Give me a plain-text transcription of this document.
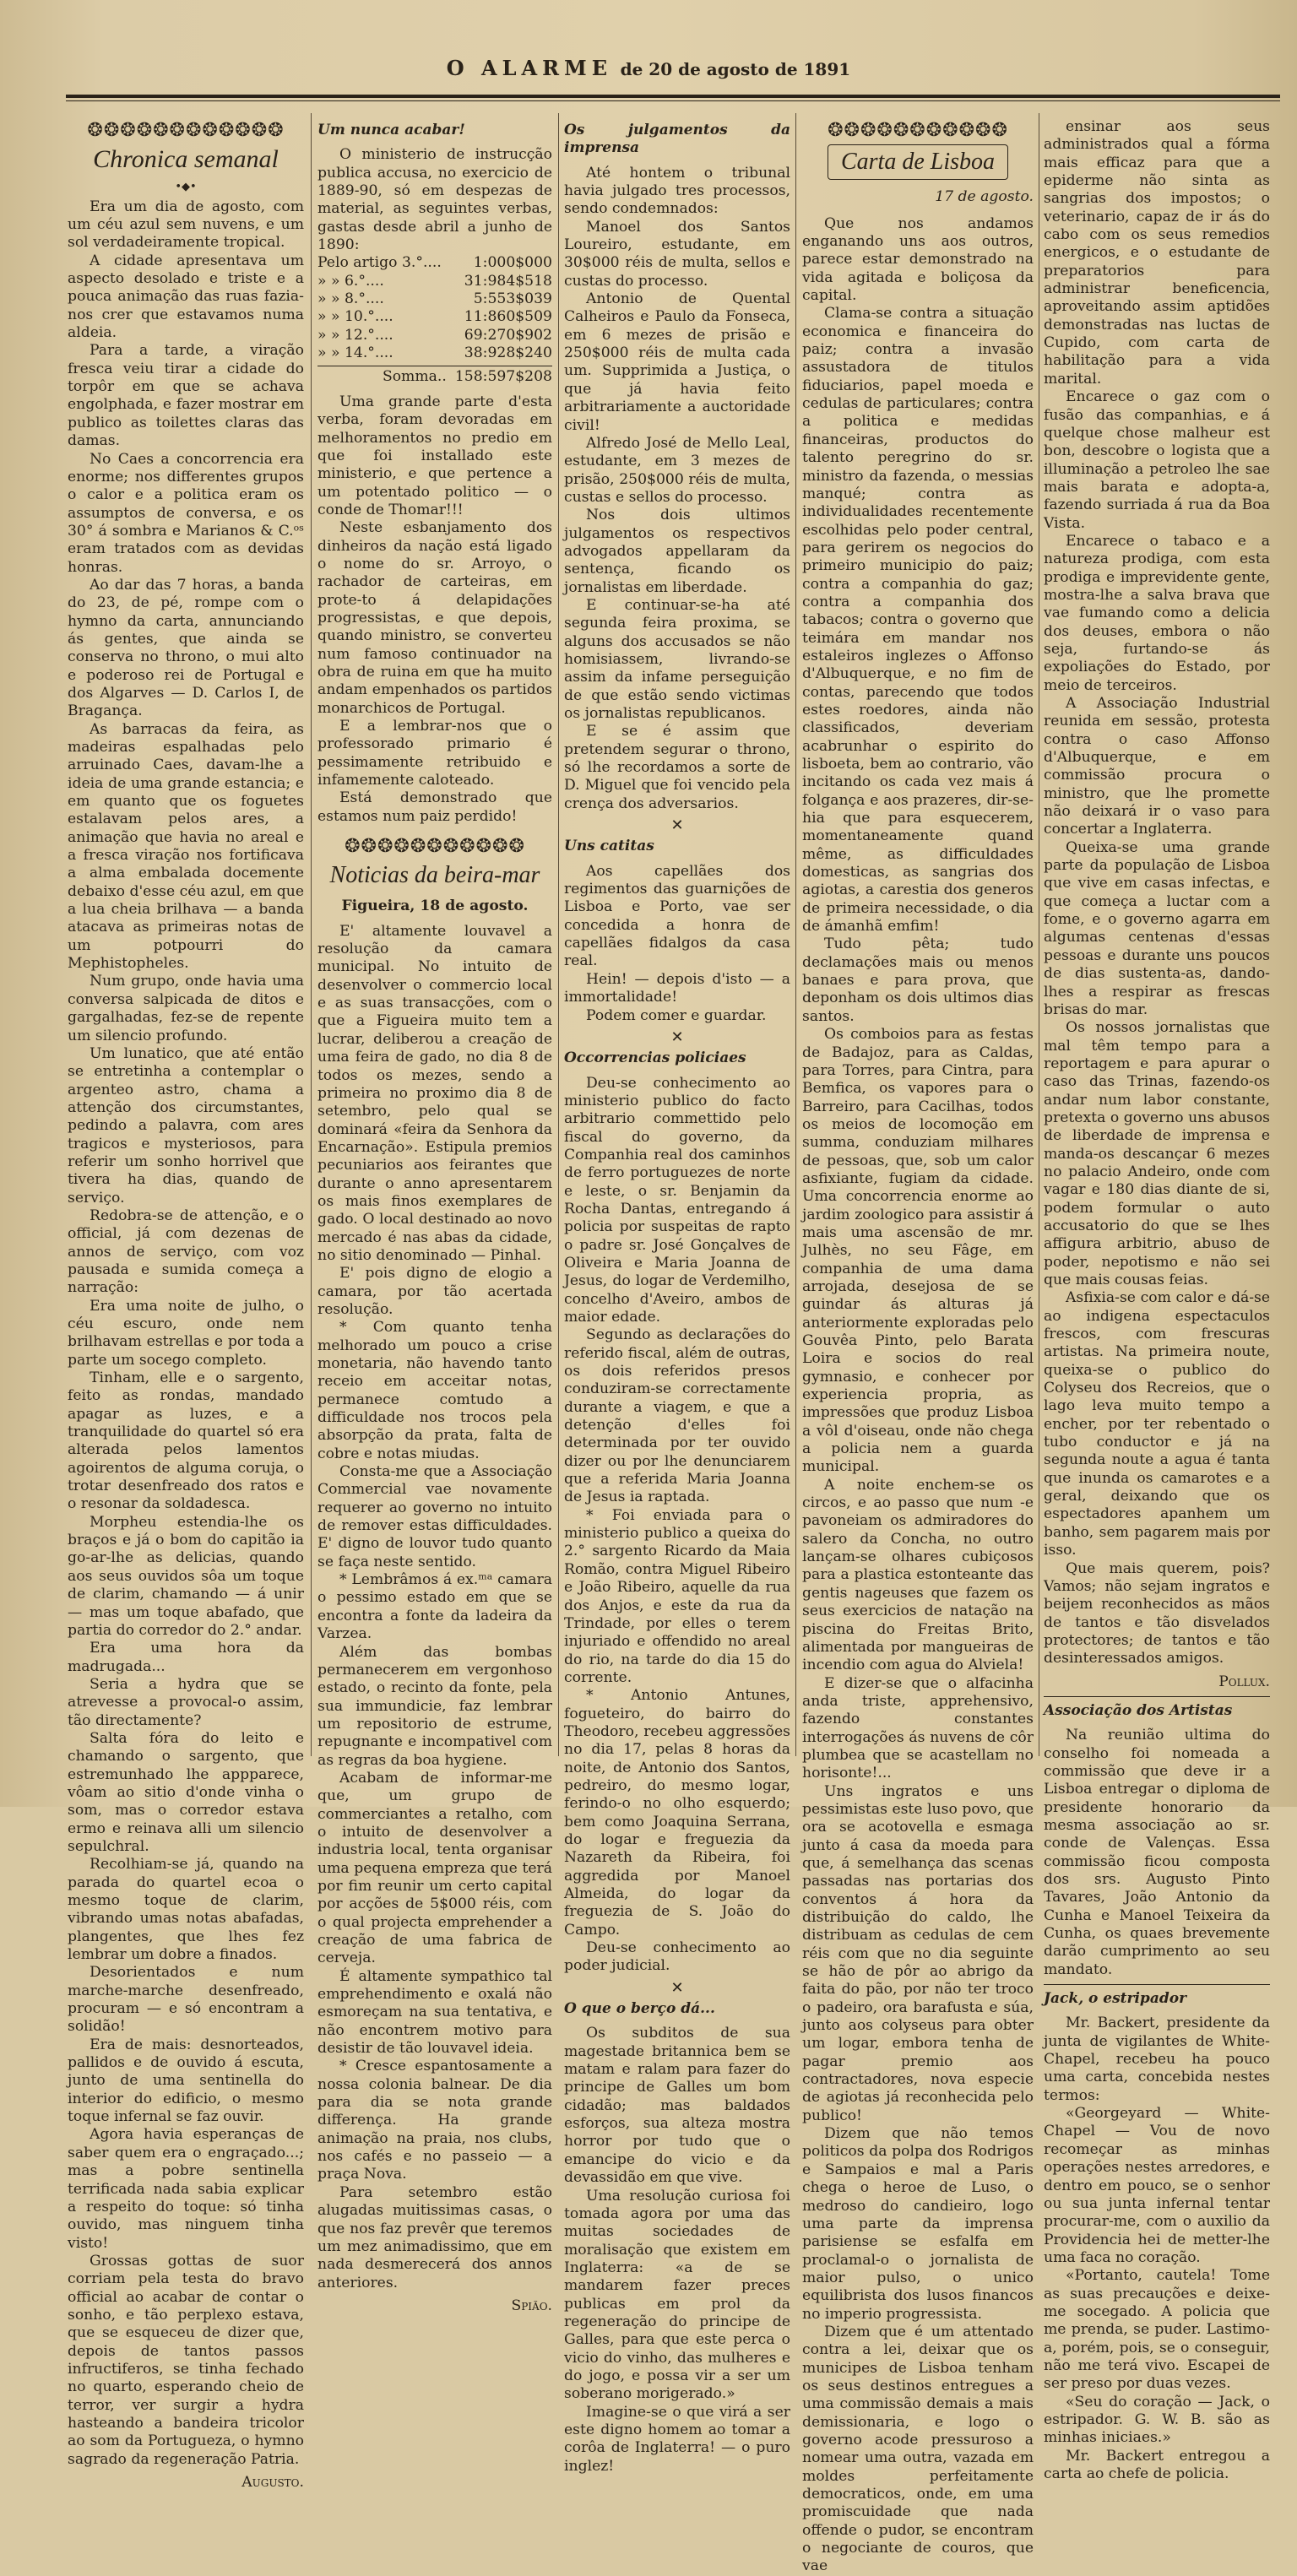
O ALARME de 20 de agosto de 1891
❂❂❂❂❂❂❂❂❂❂❂❂
Chronica semanal
•◆•

Era um dia de agosto, com um céu azul sem nuvens, e um sol verdadeiramente tropical.

A cidade apresentava um aspecto desolado e triste e a pouca animação das ruas fazia-nos crer que estavamos numa aldeia.

Para a tarde, a viração fresca veiu tirar a cidade do torpôr em que se achava engolphada, e fazer mostrar em publico as toilettes claras das damas.

No Caes a concorrencia era enorme; nos differentes grupos o calor e a politica eram os assumptos de conversa, e os 30° á sombra e Marianos & C.ᵒˢ eram tratados com as devidas honras.

Ao dar das 7 horas, a banda do 23, de pé, rompe com o hymno da carta, annunciando ás gentes, que ainda se conserva no throno, o mui alto e poderoso rei de Portugal e dos Algarves — D. Carlos I, de Bragança.

As barracas da feira, as madeiras espalhadas pelo arruinado Caes, davam-lhe a ideia de uma grande estancia; e em quanto que os foguetes estalavam pelos ares, a animação que havia no areal e a fresca viração nos fortificava a alma embalada docemente debaixo d'esse céu azul, em que a lua cheia brilhava — a banda atacava as primeiras notas de um potpourri do Mephistopheles.

Num grupo, onde havia uma conversa salpicada de ditos e gargalhadas, fez-se de repente um silencio profundo.

Um lunatico, que até então se entretinha a contemplar o argenteo astro, chama a attenção dos circumstantes, pedindo a palavra, com ares tragicos e mysteriosos, para referir um sonho horrivel que tivera ha dias, quando de serviço.

Redobra-se de attenção, e o official, já com dezenas de annos de serviço, com voz pausada e sumida começa a narração:

Era uma noite de julho, o céu escuro, onde nem brilhavam estrellas e por toda a parte um socego completo.

Tinham, elle e o sargento, feito as rondas, mandado apagar as luzes, e a tranquilidade do quartel só era alterada pelos lamentos agoirentos de alguma coruja, o trotar desenfreado dos ratos e o resonar da soldadesca.

Morpheu estendia-lhe os braços e já o bom do capitão ia go-ar-lhe as delicias, quando aos seus ouvidos sôa um toque de clarim, chamando — á unir — mas um toque abafado, que partia do corredor do 2.° andar.

Era uma hora da madrugada...

Seria a hydra que se atrevesse a provocal-o assim, tão directamente?

Salta fóra do leito e chamando o sargento, que estremunhado lhe appparece, vôam ao sitio d'onde vinha o som, mas o corredor estava ermo e reinava alli um silencio sepulchral.

Recolhiam-se já, quando na parada do quartel ecoa o mesmo toque de clarim, vibrando umas notas abafadas, plangentes, que lhes fez lembrar um dobre a finados.

Desorientados e num marche-marche desenfreado, procuram — e só encontram a solidão!

Era de mais: desnorteados, pallidos e de ouvido á escuta, junto de uma sentinella do interior do edificio, o mesmo toque infernal se faz ouvir.

Agora havia esperanças de saber quem era o engraçado...; mas a pobre sentinella terrificada nada sabia explicar a respeito do toque: só tinha ouvido, mas ninguem tinha visto!

Grossas gottas de suor corriam pela testa do bravo official ao acabar de contar o sonho, e tão perplexo estava, que se esqueceu de dizer que, depois de tantos passos infructiferos, se tinha fechado no quarto, esperando cheio de terror, ver surgir a hydra hasteando a bandeira tricolor ao som da Portugueza, o hymno sagrado da regeneração Patria.

Augusto.
Um nunca acabar!

O ministerio de instrucção publica accusa, no exercicio de 1889-90, só em despezas de material, as seguintes verbas, gastas desde abril a junho de 1890:

Pelo artigo 3.°.... 1:000$000
» » 6.°....	31:984$518
» » 8.°....	5:553$039
» » 10.°....	11:860$509
» » 12.°....	69:270$902
» » 14.°....	38:928$240
Somma.. 158:597$208

Uma grande parte d'esta verba, foram devoradas em melhoramentos no predio em que foi installado este ministerio, e que pertence a um potentado politico — o conde de Thomar!!!

Neste esbanjamento dos dinheiros da nação está ligado o nome do sr. Arroyo, o rachador de carteiras, em prote-to á delapidações progressistas, e que depois, quando ministro, se converteu num famoso continuador na obra de ruina em que ha muito andam empenhados os partidos monarchicos de Portugal.

E a lembrar-nos que o professorado primario é pessimamente retribuido e infamemente caloteado.

Está demonstrado que estamos num paiz perdido!

❂❂❂❂❂❂❂❂❂❂❂
Noticias da beira-mar

Figueira, 18 de agosto.

E' altamente louvavel a resolução da camara municipal. No intuito de desenvolver o commercio local e as suas transacções, com o que a Figueira muito tem a lucrar, deliberou a creação de uma feira de gado, no dia 8 de todos os mezes, sendo a primeira no proximo dia 8 de setembro, pelo qual se dominará «feira da Senhora da Encarnação». Estipula premios pecuniarios aos feirantes que durante o anno apresentarem os mais finos exemplares de gado. O local destinado ao novo mercado é nas abas da cidade, no sitio denominado — Pinhal.

E' pois digno de elogio a camara, por tão acertada resolução.

* Com quanto tenha melhorado um pouco a crise monetaria, não havendo tanto receio em acceitar notas, permanece comtudo a difficuldade nos trocos pela absorpção da prata, falta de cobre e notas miudas.

Consta-me que a Associação Commercial vae novamente requerer ao governo no intuito de remover estas difficuldades. E' digno de louvor tudo quanto se faça neste sentido.

* Lembrâmos á ex.ᵐᵃ camara o pessimo estado em que se encontra a fonte da ladeira da Varzea.

Além das bombas permanecerem em vergonhoso estado, o recinto da fonte, pela sua immundicie, faz lembrar um repositorio de estrume, repugnante e incompativel com as regras da boa hygiene.

Acabam de informar-me que, um grupo de commerciantes a retalho, com o intuito de desenvolver a industria local, tenta organisar uma pequena empreza que terá por fim reunir um certo capital por acções de 5$000 réis, com o qual projecta emprehender a creação de uma fabrica de cerveja.

É altamente sympathico tal emprehendimento e oxalá não esmoreçam na sua tentativa, e não encontrem motivo para desistir de tão louvavel ideia.

* Cresce espantosamente a nossa colonia balnear. De dia para dia se nota grande differença. Ha grande animação na praia, nos clubs, nos cafés e no passeio — a praça Nova.

Para setembro estão alugadas muitissimas casas, o que nos faz prevêr que teremos um mez animadissimo, que em nada desmerecerá dos annos anteriores.

Spião.
Os julgamentos da imprensa

Até hontem o tribunal havia julgado tres processos, sendo condemnados:

Manoel dos Santos Loureiro, estudante, em 30$000 réis de multa, sellos e custas do processo.

Antonio de Quental Calheiros e Paulo da Fonseca, em 6 mezes de prisão e 250$000 réis de multa cada um. Supprimida a Justiça, o que já havia feito arbitrariamente a auctoridade civil!

Alfredo José de Mello Leal, estudante, em 3 mezes de prisão, 250$000 réis de multa, custas e sellos do processo.

Nos dois ultimos julgamentos os respectivos advogados appellaram da sentença, ficando os jornalistas em liberdade.

E continuar-se-ha até segunda feira proxima, se alguns dos accusados se não homisiassem, livrando-se assim da infame perseguição de que estão sendo victimas os jornalistas republicanos.

E se é assim que pretendem segurar o throno, só lhe recordamos a sorte de D. Miguel que foi vencido pela crença dos adversarios.

✕
Uns catitas

Aos capellães dos regimentos das guarnições de Lisboa e Porto, vae ser concedida a honra de capellães fidalgos da casa real.

Hein! — depois d'isto — a immortalidade!

Podem comer e guardar.

✕
Occorrencias policiaes

Deu-se conhecimento ao ministerio publico do facto arbitrario commettido pelo fiscal do governo, da Companhia real dos caminhos de ferro portuguezes de norte e leste, o sr. Benjamin da Rocha Dantas, entregando á policia por suspeitas de rapto o padre sr. José Gonçalves de Oliveira e Maria Joanna de Jesus, do logar de Verdemilho, concelho d'Aveiro, ambos de maior edade.

Segundo as declarações do referido fiscal, além de outras, os dois referidos presos conduziram-se correctamente durante a viagem, e que a detenção d'elles foi determinada por ter ouvido dizer ou por lhe denunciarem que a referida Maria Joanna de Jesus ia raptada.

* Foi enviada para o ministerio publico a queixa do 2.° sargento Ricardo da Maia Romão, contra Miguel Ribeiro e João Ribeiro, aquelle da rua dos Anjos, e este da rua da Trindade, por elles o terem injuriado e offendido no areal do rio, na tarde do dia 15 do corrente.

* Antonio Antunes, fogueteiro, do bairro do Theodoro, recebeu aggressões no dia 17, pelas 8 horas da noite, de Antonio dos Santos, pedreiro, do mesmo logar, ferindo-o no olho esquerdo; bem como Joaquina Serrana, do logar e freguezia da Nazareth da Ribeira, foi aggredida por Manoel Almeida, do logar da freguezia de S. João do Campo.

Deu-se conhecimento ao poder judicial.

✕
O que o berço dá...

Os subditos de sua magestade britannica bem se matam e ralam para fazer do principe de Galles um bom cidadão; mas baldados esforços, sua alteza mostra horror por tudo que o emancipe do vicio e da devassidão em que vive.

Uma resolução curiosa foi tomada agora por uma das muitas sociedades de moralisação que existem em Inglaterra: «a de se mandarem fazer preces publicas em prol da regeneração do principe de Galles, para que este perca o vicio do vinho, das mulheres e do jogo, e possa vir a ser um soberano morigerado.»

Imagine-se o que virá a ser este digno homem ao tomar a corôa de Inglaterra! — o puro inglez!

❂❂❂❂❂❂❂❂❂❂❂
Carta de Lisboa
17 de agosto.

Que nos andamos enganando uns aos outros, parece estar demonstrado na vida agitada e boliçosa da capital.

Clama-se contra a situação economica e financeira do paiz; contra a invasão assustadora de titulos fiduciarios, papel moeda e cedulas de particulares; contra a politica e medidas financeiras, productos do talento peregrino do sr. ministro da fazenda, o messias manqué; contra as individualidades recentemente escolhidas pelo poder central, para gerirem os negocios do primeiro municipio do paiz; contra a companhia do gaz; contra a companhia dos tabacos; contra o governo que teimára em mandar nos estaleiros inglezes o Affonso d'Albuquerque, e no fim de contas, parecendo que todos estes roedores, ainda não classificados, deveriam acabrunhar o espirito do lisboeta, bem ao contrario, vão incitando os cada vez mais á folgança e aos prazeres, dir-se-hia que para esquecerem, momentaneamente quand même, as difficuldades domesticas, as sangrias dos agiotas, a carestia dos generos de primeira necessidade, o dia de ámanhã emfim!

Tudo pêta; tudo declamações mais ou menos banaes e para prova, que deponham os dois ultimos dias santos.

Os comboios para as festas de Badajoz, para as Caldas, para Torres, para Cintra, para Bemfica, os vapores para o Barreiro, para Cacilhas, todos os meios de locomoção em summa, conduziam milhares de pessoas, que, sob um calor asfixiante, fugiam da cidade. Uma concorrencia enorme ao jardim zoologico para assistir á mais uma ascensão de mr. Julhès, no seu Fâge, em companhia de uma dama arrojada, desejosa de se guindar ás alturas já anteriormente exploradas pelo Gouvêa Pinto, pelo Barata Loira e socios do real gymnasio, e conhecer por experiencia propria, as impressões que produz Lisboa a vôl d'oiseau, onde não chega a policia nem a guarda municipal.

A noite enchem-se os circos, e ao passo que num -e pavoneiam os admiradores do salero da Concha, no outro lançam-se olhares cubiçosos para a plastica estonteante das gentis nageuses que fazem os seus exercicios de natação na piscina do Freitas Brito, alimentada por mangueiras de incendio com agua do Alviela!

E dizer-se que o alfacinha anda triste, apprehensivo, fazendo constantes interrogações ás nuvens de côr plumbea que se acastellam no horisonte!...

Uns ingratos e uns pessimistas este luso povo, que ora se acotovella e esmaga junto á casa da moeda para que, á semelhança das scenas passadas nas portarias dos conventos á hora da distribuição do caldo, lhe distribuam as cedulas de cem réis com que no dia seguinte se hão de pôr ao abrigo da faita do pão, por não ter troco o padeiro, ora barafusta e súa, junto aos colyseus para obter um logar, embora tenha de pagar premio aos contractadores, nova especie de agiotas já reconhecida pelo publico!

Dizem que não temos politicos da polpa dos Rodrigos e Sampaios e mal a Paris chega o heroe de Luso, o medroso do candieiro, logo uma parte da imprensa parisiense se esfalfa em proclamal-o o jornalista de maior pulso, o unico equilibrista dos lusos financos no imperio progressista.

Dizem que é um attentado contra a lei, deixar que os municipes de Lisboa tenham os seus destinos entregues a uma commissão demais a mais demissionaria, e logo o governo acode pressuroso a nomear uma outra, vazada em moldes perfeitamente democraticos, onde, em uma promiscuidade que nada offende o pudor, se encontram o negociante de couros, que vae

ensinar aos seus administrados qual a fórma mais efficaz para que a epiderme não sinta as sangrias dos impostos; o veterinario, capaz de ir ás do cabo com os seus remedios energicos, e o estudante de preparatorios para administrar beneficencia, aproveitando assim aptidões demonstradas nas luctas de Cupido, com carta de habilitação para a vida marital.

Encarece o gaz com o fusão das companhias, e á quelque chose malheur est bon, descobre o logista que a illuminação a petroleo lhe sae mais barata e adopta-a, fazendo surriada á rua da Boa Vista.

Encarece o tabaco e a natureza prodiga, com esta prodiga e imprevidente gente, mostra-lhe a salva brava que vae fumando como a delicia dos deuses, embora o não seja, furtando-se ás expoliações do Estado, por meio de terceiros.

A Associação Industrial reunida em sessão, protesta contra o caso Affonso d'Albuquerque, e em commissão procura o ministro, que lhe promette não deixará ir o vaso para concertar a Inglaterra.

Queixa-se uma grande parte da população de Lisboa que vive em casas infectas, e que começa a luctar com a fome, e o governo agarra em algumas centenas d'essas pessoas e durante uns poucos de dias sustenta-as, dando-lhes a respirar as frescas brisas do mar.

Os nossos jornalistas que mal têm tempo para a reportagem e para apurar o caso das Trinas, fazendo-os andar num labor constante, pretexta o governo uns abusos de liberdade de imprensa e manda-os descançar 6 mezes no palacio Andeiro, onde com vagar e 180 dias diante de si, podem formular o auto accusatorio do que se lhes affigura arbitrio, abuso de poder, nepotismo e não sei que mais cousas feias.

Asfixia-se com calor e dá-se ao indigena espectaculos frescos, com frescuras artistas. Na primeira noute, queixa-se o publico do Colyseu dos Recreios, que o lago leva muito tempo a encher, por ter rebentado o tubo conductor e já na segunda noute a agua é tanta que inunda os camarotes e a geral, deixando que os espectadores apanhem um banho, sem pagarem mais por isso.

Que mais querem, pois? Vamos; não sejam ingratos e beijem reconhecidos as mãos de tantos e tão disvelados protectores; de tantos e tão desinteressados amigos.

Pollux.
Associação dos Artistas

Na reunião ultima do conselho foi nomeada a commissão que deve ir a Lisboa entregar o diploma de presidente honorario da mesma associação ao sr. conde de Valenças. Essa commissão ficou composta dos srs. Augusto Pinto Tavares, João Antonio da Cunha e Manoel Teixeira da Cunha, os quaes brevemente darão cumprimento ao seu mandato.

Jack, o estripador

Mr. Backert, presidente da junta de vigilantes de White-Chapel, recebeu ha pouco uma carta, concebida nestes termos:

«Georgeyard — White-Chapel — Vou de novo recomeçar as minhas operações nestes arredores, e dentro em pouco, se o senhor ou sua junta infernal tentar procurar-me, com o auxilio da Providencia hei de metter-lhe uma faca no coração.

«Portanto, cautela! Tome as suas precauções e deixe-me socegado. A policia que me prenda, se puder. Lastimo-a, porém, pois, se o conseguir, não me terá vivo. Escapei de ser preso por duas vezes.

«Seu do coração — Jack, o estripador. G. W. B. são as minhas iniciaes.»

Mr. Backert entregou a carta ao chefe de policia.
